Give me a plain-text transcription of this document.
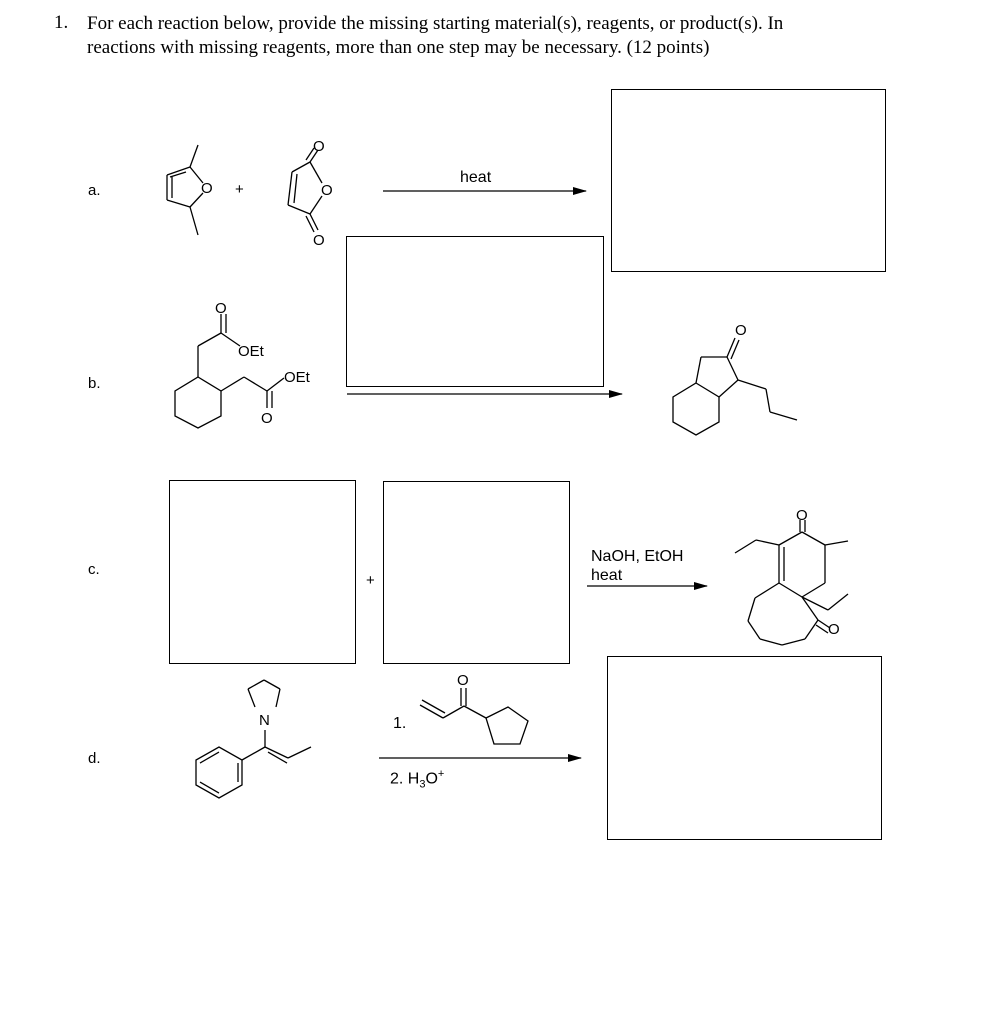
1. For each reaction below, provide the missing starting material(s), reagents, or product(s). In
reactions with missing reagents, more than one step may be necessary. (12 points)
a.
b.
c.
d.
heat
NaOH, EtOH
heat
1.
2. $H_3O^+$
O +
O
O
O
O
OEt
OEt
O
O
+
O
O
N
O
